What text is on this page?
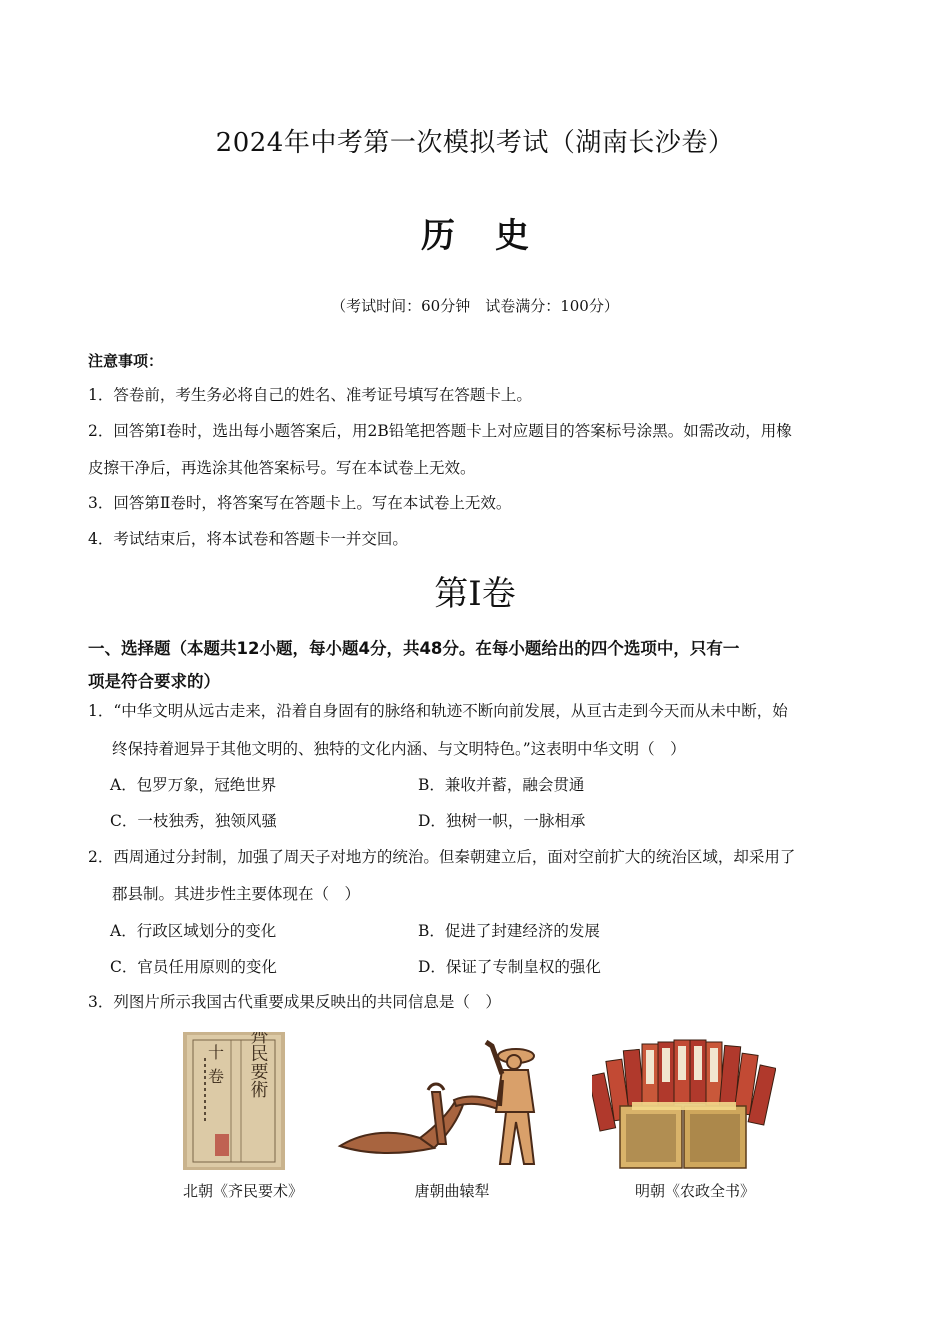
2024年中考第一次模拟考试（湖南长沙卷）
历史
（考试时间：60分钟　试卷满分：100分）
注意事项：
1．答卷前，考生务必将自己的姓名、准考证号填写在答题卡上。
2．回答第Ⅰ卷时，选出每小题答案后，用2B铅笔把答题卡上对应题目的答案标号涂黑。如需改动，用橡
皮擦干净后，再选涂其他答案标号。写在本试卷上无效。
3．回答第Ⅱ卷时，将答案写在答题卡上。写在本试卷上无效。
4．考试结束后，将本试卷和答题卡一并交回。
第Ⅰ卷
一、选择题（本题共12小题，每小题4分，共48分。在每小题给出的四个选项中，只有一
项是符合要求的）
1．“中华文明从远古走来，沿着自身固有的脉络和轨迹不断向前发展，从亘古走到今天而从未中断，始
终保持着迥异于其他文明的、独特的文化内涵、与文明特色。”这表明中华文明（　）
A．包罗万象，冠绝世界	B．兼收并蓄，融会贯通
C．一枝独秀，独领风骚	D．独树一帜，一脉相承
2．西周通过分封制，加强了周天子对地方的统治。但秦朝建立后，面对空前扩大的统治区域，却采用了
郡县制。其进步性主要体现在（　）
A．行政区域划分的变化	B．促进了封建经济的发展
C．官员任用原则的变化	D．保证了专制皇权的强化
3．列图片所示我国古代重要成果反映出的共同信息是（　）
齊民要術
十
卷
北朝《齐民要术》	唐朝曲辕犁	明朝《农政全书》
